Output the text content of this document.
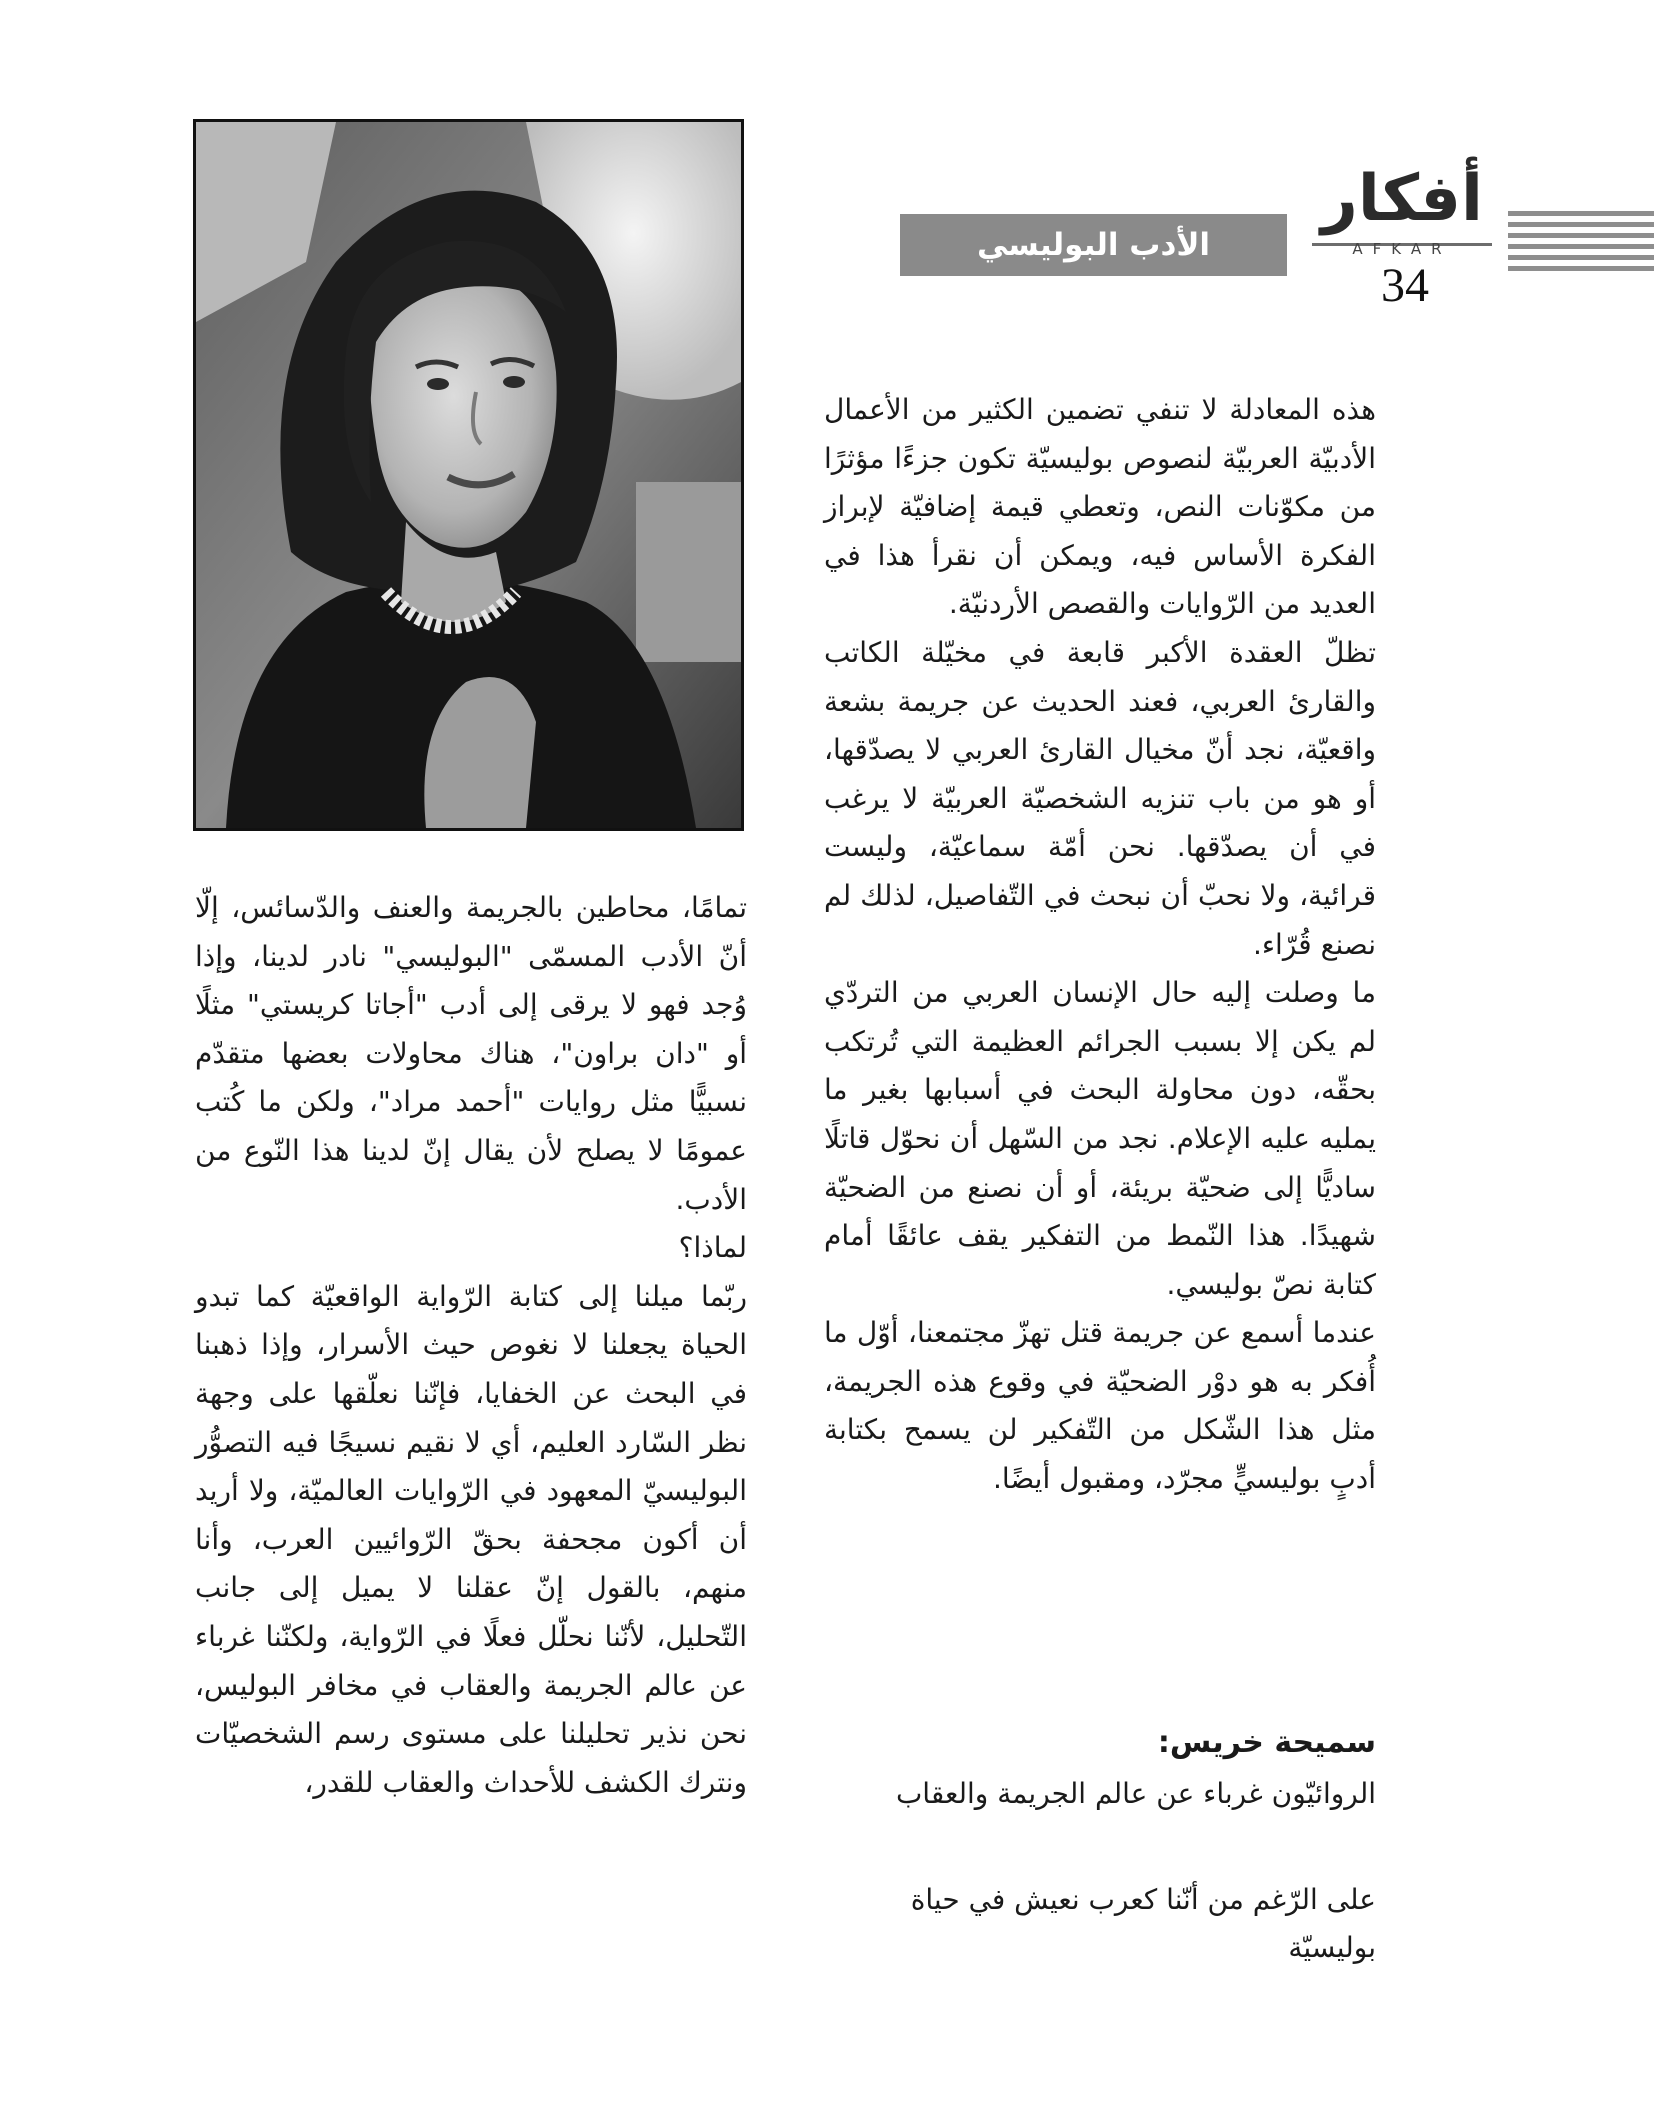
أفكار
AFKAR
34
الأدب البوليسي

هذه المعادلة لا تنفي تضمين الكثير من الأعمال الأدبيّة العربيّة لنصوص بوليسيّة تكون جزءًا مؤثرًا من مكوّنات النص، وتعطي قيمة إضافيّة لإبراز الفكرة الأساس فيه، ويمكن أن نقرأ هذا في العديد من الرّوايات والقصص الأردنيّة.

تظلّ العقدة الأكبر قابعة في مخيّلة الكاتب والقارئ العربي، فعند الحديث عن جريمة بشعة واقعيّة، نجد أنّ مخيال القارئ العربي لا يصدّقها، أو هو من باب تنزيه الشخصيّة العربيّة لا يرغب في أن يصدّقها. نحن أمّة سماعيّة، وليست قرائية، ولا نحبّ أن نبحث في التّفاصيل، لذلك لم نصنع قُرّاء.

ما وصلت إليه حال الإنسان العربي من التردّي لم يكن إلا بسبب الجرائم العظيمة التي تُرتكب بحقّه، دون محاولة البحث في أسبابها بغير ما يمليه عليه الإعلام. نجد من السّهل أن نحوّل قاتلًا ساديًّا إلى ضحيّة بريئة، أو أن نصنع من الضحيّة شهيدًا. هذا النّمط من التفكير يقف عائقًا أمام كتابة نصّ بوليسي.

عندما أسمع عن جريمة قتل تهزّ مجتمعنا، أوّل ما أُفكر به هو دوْر الضحيّة في وقوع هذه الجريمة، مثل هذا الشّكل من التّفكير لن يسمح بكتابة أدبٍ بوليسيٍّ مجرّد، ومقبول أيضًا.

سميحة خريس:
الروائيّون غرباء عن عالم الجريمة والعقاب
على الرّغم من أنّنا كعرب نعيش في حياة بوليسيّة

تمامًا، محاطين بالجريمة والعنف والدّسائس، إلّا أنّ الأدب المسمّى "البوليسي" نادر لدينا، وإذا وُجد فهو لا يرقى إلى أدب "أجاتا كريستي" مثلًا أو "دان براون"، هناك محاولات بعضها متقدّم نسبيًّا مثل روايات "أحمد مراد"، ولكن ما كُتب عمومًا لا يصلح لأن يقال إنّ لدينا هذا النّوع من الأدب.

لماذا؟

ربّما ميلنا إلى كتابة الرّواية الواقعيّة كما تبدو الحياة يجعلنا لا نغوص حيث الأسرار، وإذا ذهبنا في البحث عن الخفايا، فإنّنا نعلّقها على وجهة نظر السّارد العليم، أي لا نقيم نسيجًا فيه التصوُّر البوليسيّ المعهود في الرّوايات العالميّة، ولا أريد أن أكون مجحفة بحقّ الرّوائيين العرب، وأنا منهم، بالقول إنّ عقلنا لا يميل إلى جانب التّحليل، لأنّنا نحلّل فعلًا في الرّواية، ولكنّنا غرباء عن عالم الجريمة والعقاب في مخافر البوليس، نحن نذير تحليلنا على مستوى رسم الشخصيّات ونترك الكشف للأحداث والعقاب للقدر،
